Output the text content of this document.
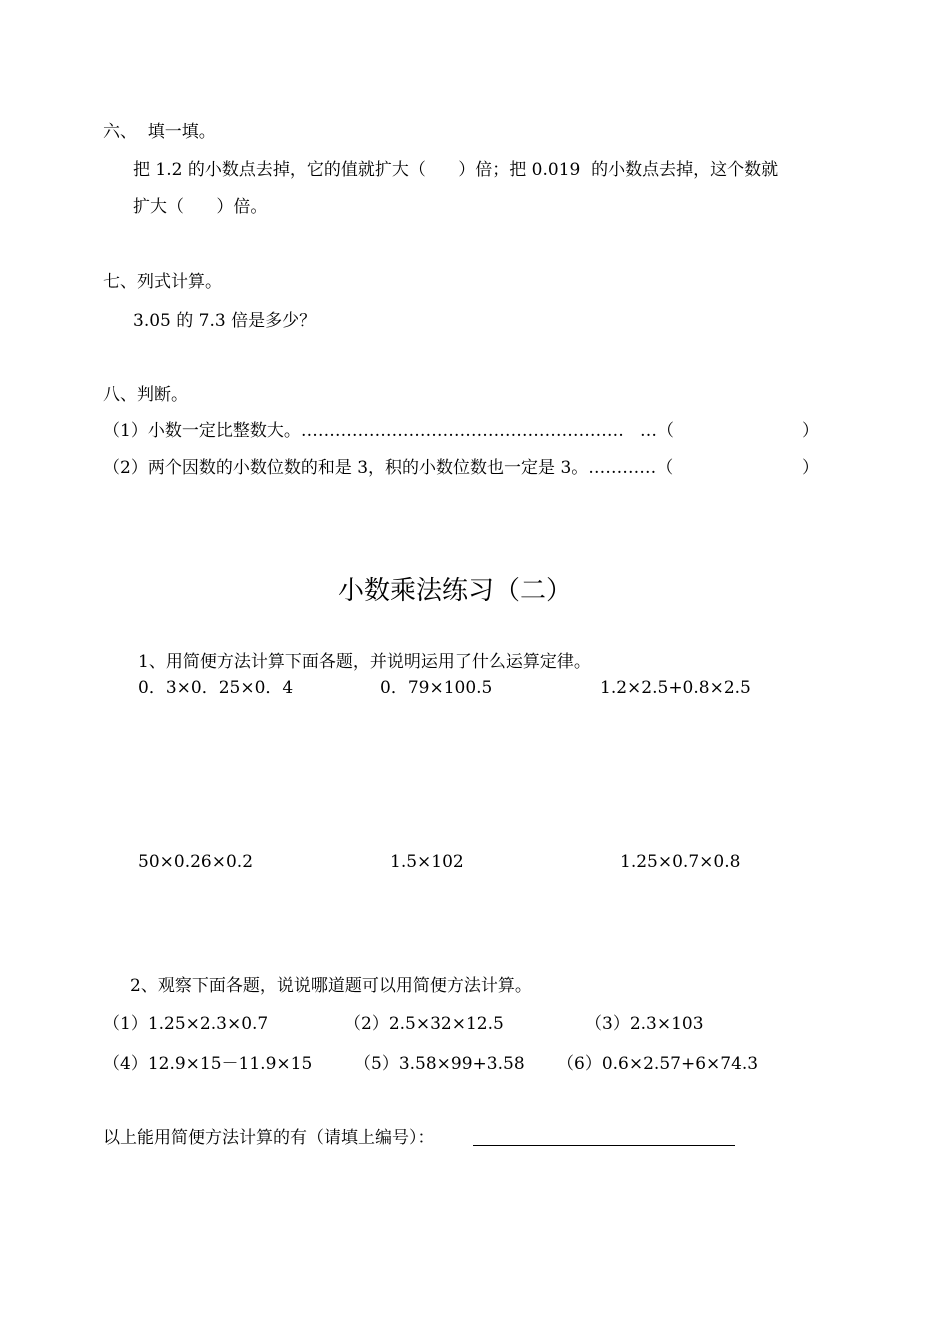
六、  填一填。
把 1.2 的小数点去掉，它的值就扩大（      ）倍；把 0.019  的小数点去掉，这个数就
扩大（      ）倍。
七、列式计算。
3.05 的 7.3 倍是多少？
八、判断。
（1）小数一定比整数大。…………………………………………………   …（	）
（2）两个因数的小数位数的和是 3，积的小数位数也一定是 3。…………（	）
小数乘法练习（二）
1、用简便方法计算下面各题，并说明运用了什么运算定律。
0．3×0．25×0．4	0．79×100.5	1.2×2.5+0.8×2.5
50×0.26×0.2	1.5×102	1.25×0.7×0.8
2、观察下面各题，说说哪道题可以用简便方法计算。
（1）1.25×2.3×0.7	（2）2.5×32×12.5	（3）2.3×103
（4）12.9×15－11.9×15 （5）3.58×99+3.58 （6）0.6×2.57+6×74.3
以上能用简便方法计算的有（请填上编号）：
